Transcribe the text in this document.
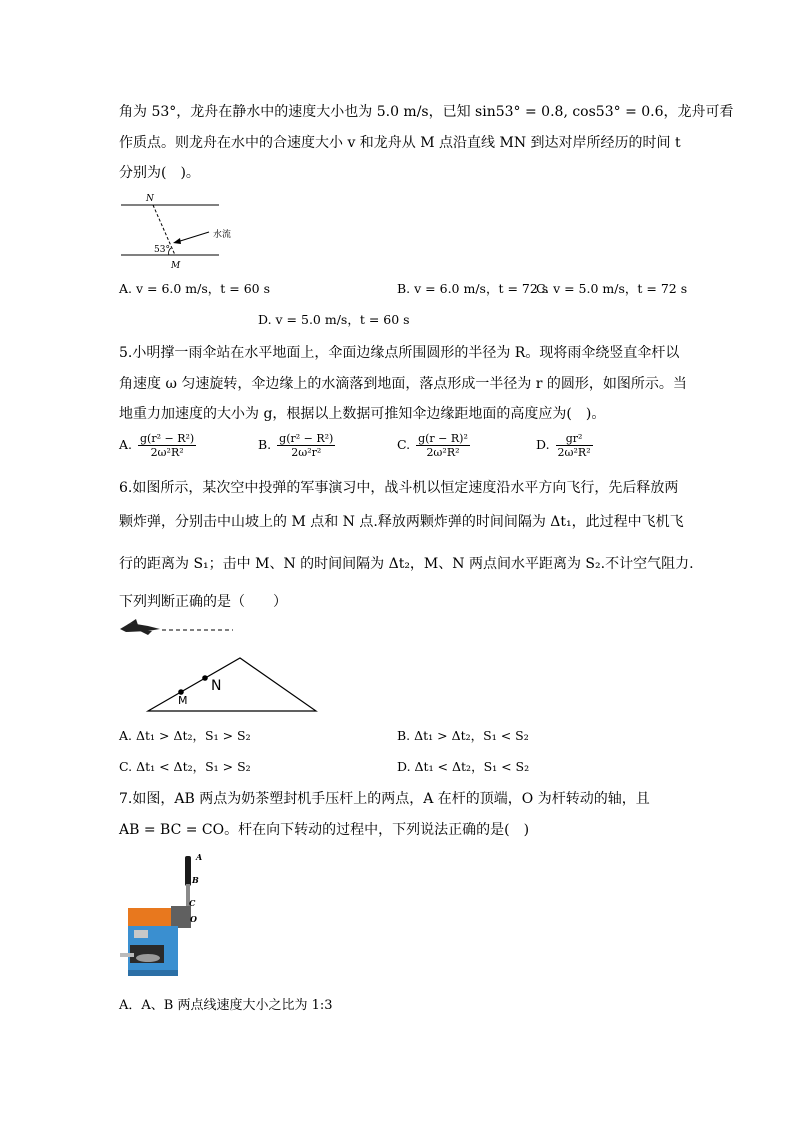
角为 53°，龙舟在静水中的速度大小也为 5.0 m/s，已知 sin53° = 0.8, cos53° = 0.6，龙舟可看
作质点。则龙舟在水中的合速度大小 v 和龙舟从 M 点沿直线 MN 到达对岸所经历的时间 t
分别为(　)。
N
M
53°
水流
A. v = 6.0 m/s，t = 60 s	B. v = 6.0 m/s，t = 72 s
C. v = 5.0 m/s，t = 72 s
D. v = 5.0 m/s，t = 60 s
5.小明撑一雨伞站在水平地面上，伞面边缘点所围圆形的半径为 R。现将雨伞绕竖直伞杆以
角速度 ω 匀速旋转，伞边缘上的水滴落到地面，落点形成一半径为 r 的圆形，如图所示。当
地重力加速度的大小为 g，根据以上数据可推知伞边缘距地面的高度应为(　)。
A. $\frac{\text{g(r² − R²)}}{\text{2ω²R²}}$	B. $\frac{\text{g(r² − R²)}}{\text{2ω²r²}}$	C. $\frac{\text{g(r − R)²}}{\text{2ω²R²}}$	D. $\frac{\text{gr²}}{\text{2ω²R²}}$
6.如图所示，某次空中投弹的军事演习中，战斗机以恒定速度沿水平方向飞行，先后释放两
颗炸弹，分别击中山坡上的 M 点和 N 点.释放两颗炸弹的时间间隔为 Δt₁，此过程中飞机飞
行的距离为 S₁；击中 M、N 的时间间隔为 Δt₂，M、N 两点间水平距离为 S₂.不计空气阻力.
下列判断正确的是（　　）
M
N
A. Δt₁ > Δt₂，S₁ > S₂	B. Δt₁ > Δt₂，S₁ < S₂
C. Δt₁ < Δt₂，S₁ > S₂	D. Δt₁ < Δt₂，S₁ < S₂
7.如图，AB 两点为奶茶塑封机手压杆上的两点，A 在杆的顶端，O 为杆转动的轴，且
AB = BC = CO。杆在向下转动的过程中，下列说法正确的是(　)
A
B
C
O
A．A、B 两点线速度大小之比为 1:3
